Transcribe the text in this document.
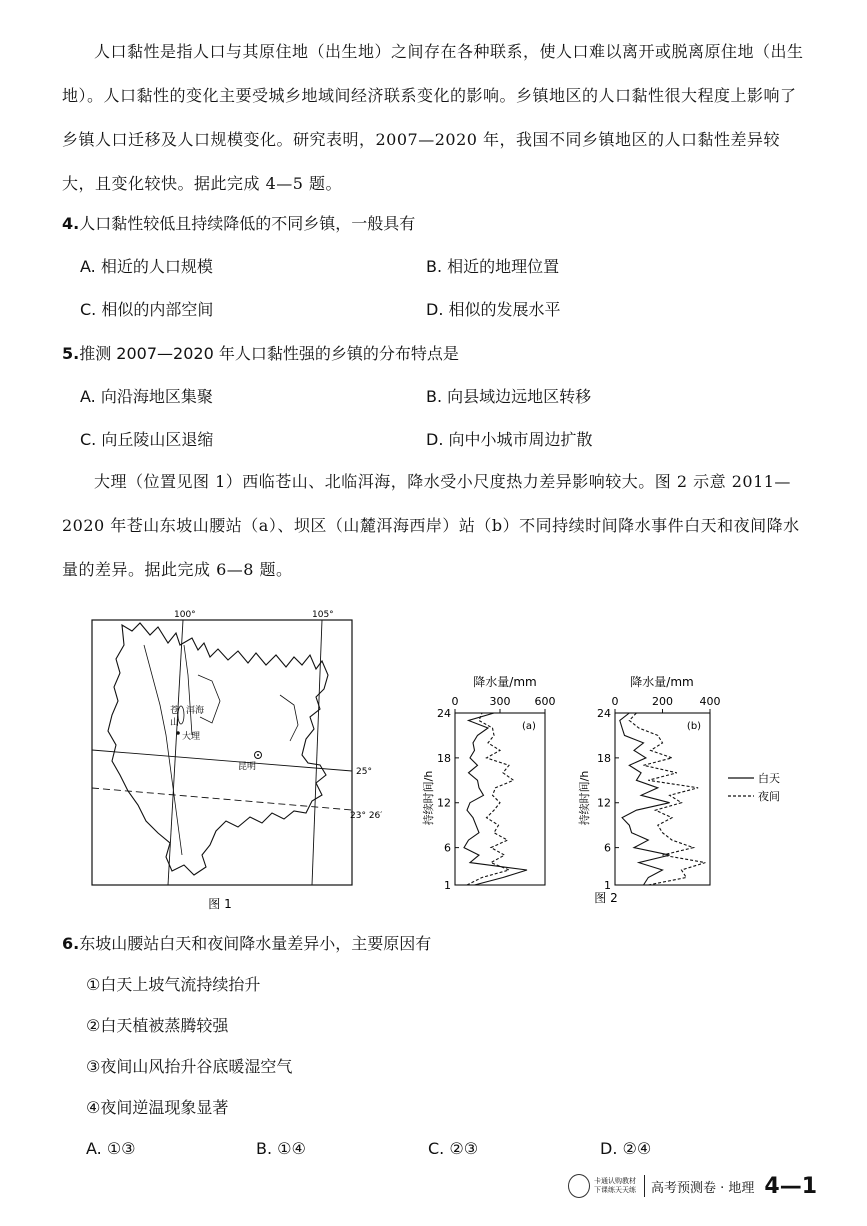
人口黏性是指人口与其原住地（出生地）之间存在各种联系，使人口难以离开或脱离原住地（出生地）。人口黏性的变化主要受城乡地域间经济联系变化的影响。乡镇地区的人口黏性很大程度上影响了乡镇人口迁移及人口规模变化。研究表明，2007—2020 年，我国不同乡镇地区的人口黏性差异较大，且变化较快。据此完成 4—5 题。

4.人口黏性较低且持续降低的不同乡镇，一般具有

A. 相近的人口规模	B. 相近的地理位置

C. 相似的内部空间	D. 相似的发展水平

5.推测 2007—2020 年人口黏性强的乡镇的分布特点是

A. 向沿海地区集聚	B. 向县域边远地区转移

C. 向丘陵山区退缩	D. 向中小城市周边扩散

大理（位置见图 1）西临苍山、北临洱海，降水受小尺度热力差异影响较大。图 2 示意 2011—2020 年苍山东坡山腰站（a）、坝区（山麓洱海西岸）站（b）不同持续时间降水事件白天和夜间降水量的差异。据此完成 6—8 题。

100°	105°
25°
23° 26′
苍
山
洱海
大理
昆明
图 1
降水量/mm	降水量/mm
持续时间/h	持续时间/h
0	300 600
1
6
12
18
24
(a)
0	200 400
1
6
12
18
24
(b)
白天
夜间
图 2

6.东坡山腰站白天和夜间降水量差异小，主要原因有

①白天上坡气流持续抬升

②白天植被蒸腾较强

③夜间山风抬升谷底暖湿空气

④夜间逆温现象显著

A. ①③	B. ①④	C. ②③	D. ②④

卡通认购教材 下课练天天练 高考预测卷 · 地理 4—1
